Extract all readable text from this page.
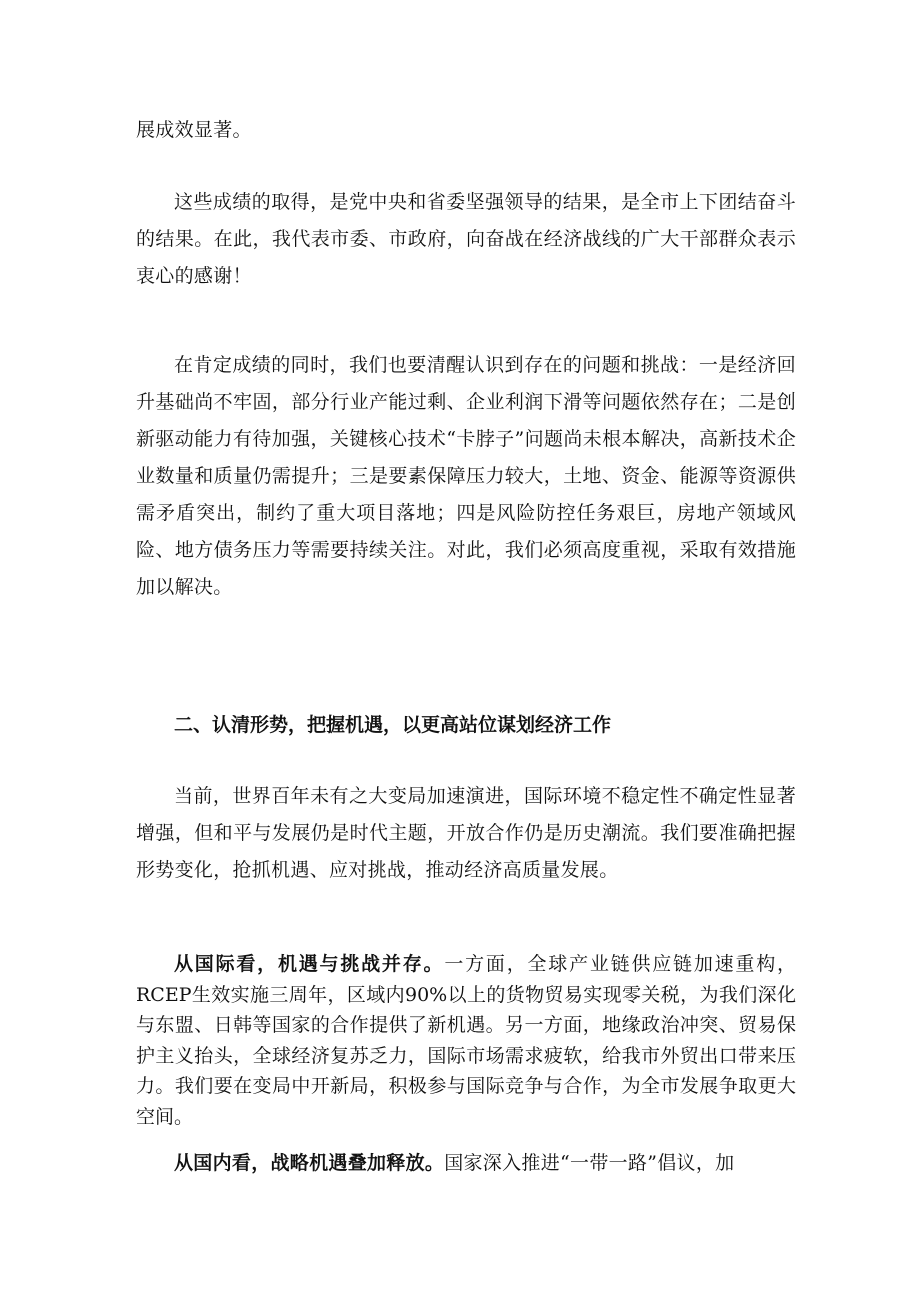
展成效显著。

这些成绩的取得，是党中央和省委坚强领导的结果，是全市上下团结奋斗的结果。在此，我代表市委、市政府，向奋战在经济战线的广大干部群众表示衷心的感谢！

在肯定成绩的同时，我们也要清醒认识到存在的问题和挑战：一是经济回升基础尚不牢固，部分行业产能过剩、企业利润下滑等问题依然存在；二是创新驱动能力有待加强，关键核心技术“卡脖子”问题尚未根本解决，高新技术企业数量和质量仍需提升；三是要素保障压力较大，土地、资金、能源等资源供需矛盾突出，制约了重大项目落地；四是风险防控任务艰巨，房地产领域风险、地方债务压力等需要持续关注。对此，我们必须高度重视，采取有效措施加以解决。

二、认清形势，把握机遇，以更高站位谋划经济工作

当前，世界百年未有之大变局加速演进，国际环境不稳定性不确定性显著增强，但和平与发展仍是时代主题，开放合作仍是历史潮流。我们要准确把握形势变化，抢抓机遇、应对挑战，推动经济高质量发展。

从国际看，机遇与挑战并存。一方面，全球产业链供应链加速重构，RCEP生效实施三周年，区域内90%以上的货物贸易实现零关税，为我们深化与东盟、日韩等国家的合作提供了新机遇。另一方面，地缘政治冲突、贸易保护主义抬头，全球经济复苏乏力，国际市场需求疲软，给我市外贸出口带来压力。我们要在变局中开新局，积极参与国际竞争与合作，为全市发展争取更大空间。

从国内看，战略机遇叠加释放。国家深入推进“一带一路”倡议，加
